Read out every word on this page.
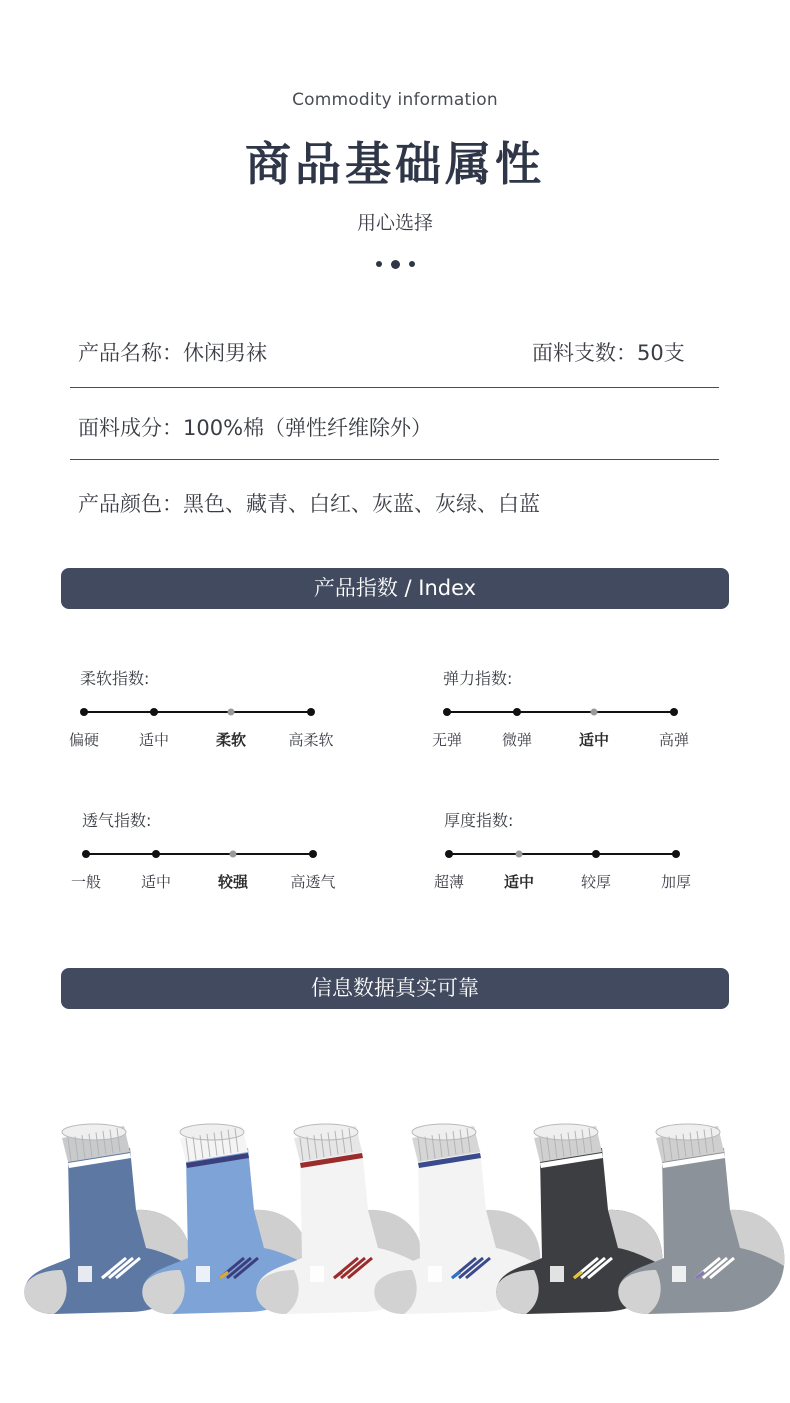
Commodity information
商品基础属性
用心选择
产品名称：休闲男袜	面料支数：50支
面料成分：100%棉（弹性纤维除外）
产品颜色：黑色、藏青、白红、灰蓝、灰绿、白蓝
产品指数 / Index
柔软指数:
偏硬	适中	柔软	高柔软
弹力指数:
无弹	微弹	适中	高弹
透气指数:
一般	适中	较强	高透气
厚度指数:
超薄	适中	较厚	加厚
信息数据真实可靠
